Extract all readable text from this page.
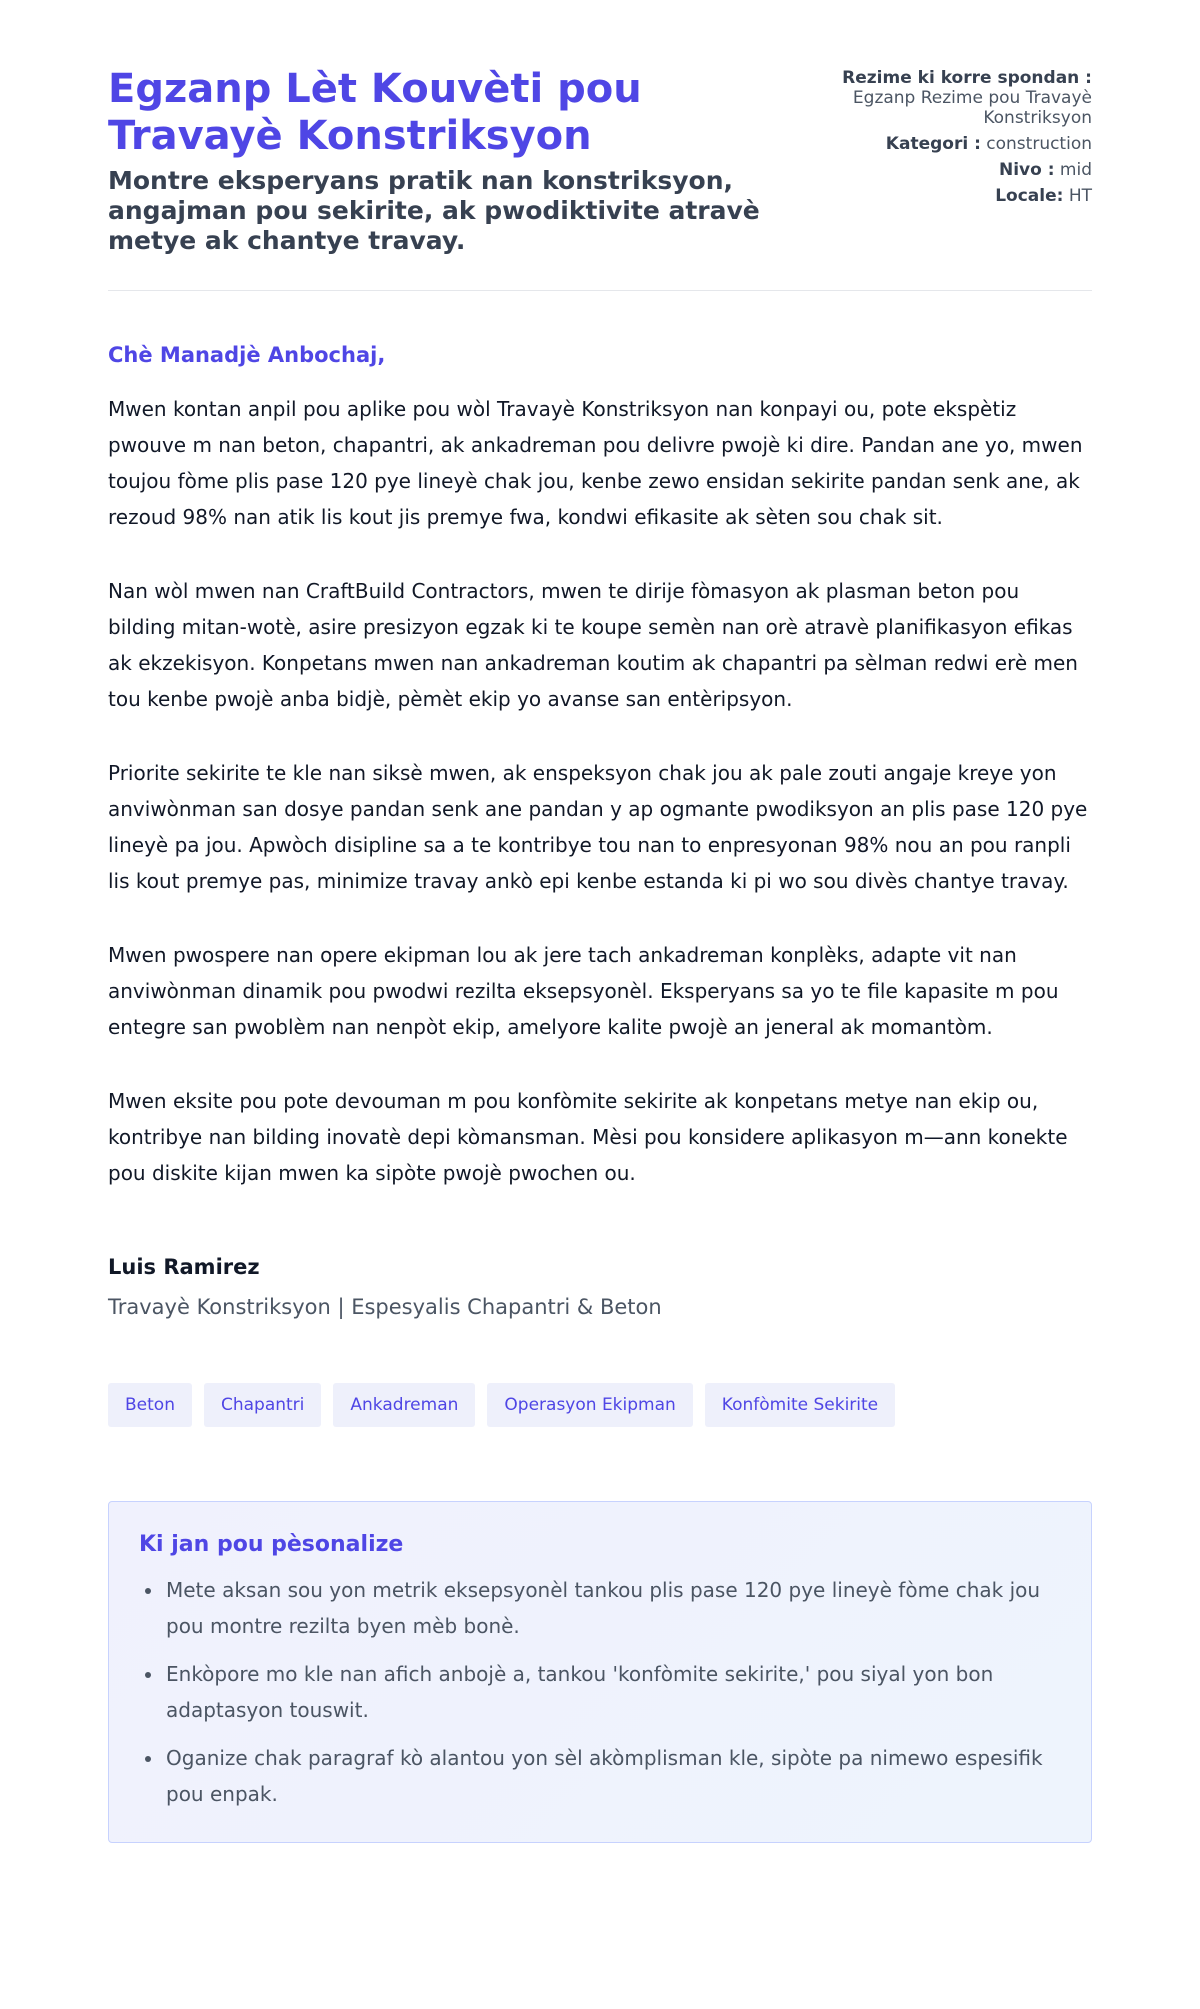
Egzanp Lèt Kouvèti pou Travayè Konstriksyon

Montre eksperyans pratik nan konstriksyon, angajman pou sekirite, ak pwodiktivite atravè metye ak chantye travay.

Rezime ki korre spondan :
Egzanp Rezime pou Travayè Konstriksyon
Kategori : construction
Nivo : mid
Locale: HT

Chè Manadjè Anbochaj,

Mwen kontan anpil pou aplike pou wòl Travayè Konstriksyon nan konpayi ou, pote ekspètiz pwouve m nan beton, chapantri, ak ankadreman pou delivre pwojè ki dire. Pandan ane yo, mwen toujou fòme plis pase 120 pye lineyè chak jou, kenbe zewo ensidan sekirite pandan senk ane, ak rezoud 98% nan atik lis kout jis premye fwa, kondwi efikasite ak sèten sou chak sit.

Nan wòl mwen nan CraftBuild Contractors, mwen te dirije fòmasyon ak plasman beton pou bilding mitan-wotè, asire presizyon egzak ki te koupe semèn nan orè atravè planifikasyon efikas ak ekzekisyon. Konpetans mwen nan ankadreman koutim ak chapantri pa sèlman redwi erè men tou kenbe pwojè anba bidjè, pèmèt ekip yo avanse san entèripsyon.

Priorite sekirite te kle nan siksè mwen, ak enspeksyon chak jou ak pale zouti angaje kreye yon anviwònman san dosye pandan senk ane pandan y ap ogmante pwodiksyon an plis pase 120 pye lineyè pa jou. Apwòch disipline sa a te kontribye tou nan to enpresyonan 98% nou an pou ranpli lis kout premye pas, minimize travay ankò epi kenbe estanda ki pi wo sou divès chantye travay.

Mwen pwospere nan opere ekipman lou ak jere tach ankadreman konplèks, adapte vit nan anviwònman dinamik pou pwodwi rezilta eksepsyonèl. Eksperyans sa yo te file kapasite m pou entegre san pwoblèm nan nenpòt ekip, amelyore kalite pwojè an jeneral ak momantòm.

Mwen eksite pou pote devouman m pou konfòmite sekirite ak konpetans metye nan ekip ou, kontribye nan bilding inovatè depi kòmansman. Mèsi pou konsidere aplikasyon m—ann konekte pou diskite kijan mwen ka sipòte pwojè pwochen ou.

Luis Ramirez

Travayè Konstriksyon | Espesyalis Chapantri & Beton

Beton	Chapantri	Ankadreman	Operasyon Ekipman	Konfòmite Sekirite
Ki jan pou pèsonalize
• Mete aksan sou yon metrik eksepsyonèl tankou plis pase 120 pye lineyè fòme chak jou pou montre rezilta byen mèb bonè.
• Enkòpore mo kle nan afich anbojè a, tankou 'konfòmite sekirite,' pou siyal yon bon adaptasyon touswit.
• Oganize chak paragraf kò alantou yon sèl akòmplisman kle, sipòte pa nimewo espesifik pou enpak.
